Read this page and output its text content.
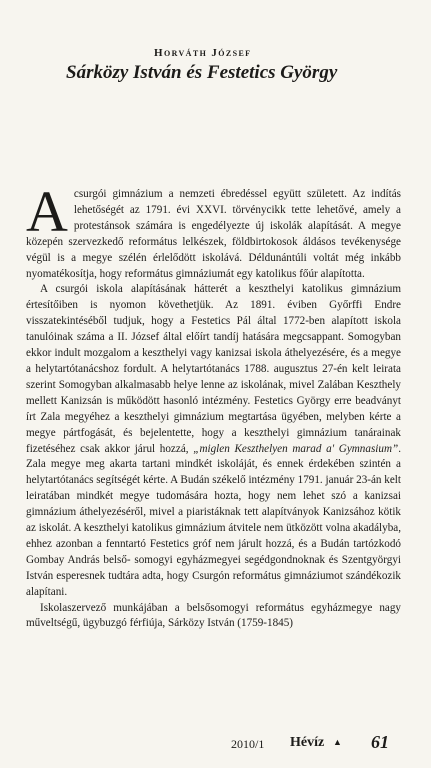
Horváth József
Sárközy István és Festetics György

A csurgói gimnázium a nemzeti ébredéssel együtt született. Az indítás lehetőségét az 1791. évi XXVI. törvénycikk tette lehetővé, amely a protestánsok számára is engedélyezte új iskolák alapítását. A megye közepén szervezkedő református lelkészek, földbirtokosok áldásos tevékenysége végül is a megye szélén érlelődött iskolává. Déldunántúli voltát még inkább nyomatékosítja, hogy református gimnáziumát egy katolikus főúr alapította.

A csurgói iskola alapításának hátterét a keszthelyi katolikus gimnázium értesítőiben is nyomon követhetjük. Az 1891. éviben Győrffi Endre visszatekintéséből tudjuk, hogy a Festetics Pál által 1772-ben alapított iskola tanulóinak száma a II. József által előírt tandíj hatására megcsappant. Somogyban ekkor indult mozgalom a keszthelyi vagy kanizsai iskola áthelyezésére, és a megye a helytartótanácshoz fordult. A helytartótanács 1788. augusztus 27-én kelt leirata szerint Somogyban alkalmasabb helye lenne az iskolának, mivel Zalában Keszthely mellett Kanizsán is működött hasonló intézmény. Festetics György erre beadványt írt Zala megyéhez a keszthelyi gimnázium megtartása ügyében, melyben kérte a megye pártfogását, és bejelentette, hogy a keszthelyi gimnázium tanárainak fizetéséhez csak akkor járul hozzá, „miglen Keszthelyen marad a' Gymnasium”. Zala megye meg akarta tartani mindkét iskoláját, és ennek érdekében szintén a helytartótanács segítségét kérte. A Budán székelő intézmény 1791. január 23-án kelt leiratában mindkét megye tudomására hozta, hogy nem lehet szó a kanizsai gimnázium áthelyezéséről, mivel a piaristáknak tett alapítványok Kanizsához kötik az iskolát. A keszthelyi katolikus gimnázium átvitele nem ütközött volna akadályba, ehhez azonban a fenntartó Festetics gróf nem járult hozzá, és a Budán tartózkodó Gombay András belső- somogyi egyházmegyei segédgondnoknak és Szentgyörgyi István esperesnek tudtára adta, hogy Csurgón református gimnáziumot szándékozik alapítani.

Iskolaszervező munkájában a belsősomogyi református egyházmegye nagy műveltségű, ügybuzgó férfiúja, Sárközy István (1759-1845)

2010/1 Hévíz ▲ 61
